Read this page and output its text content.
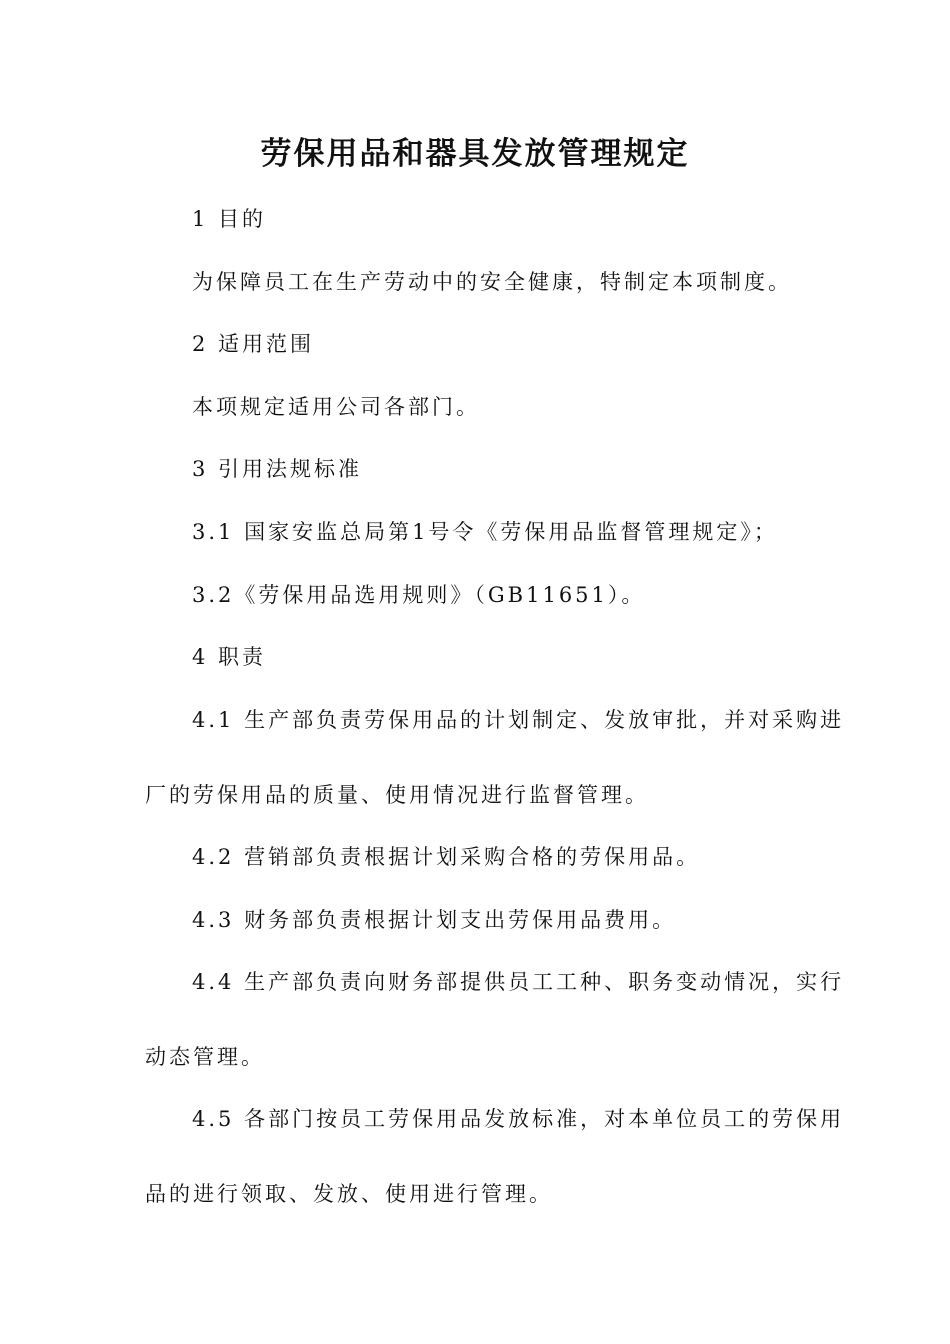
劳保用品和器具发放管理规定
1 目的
为保障员工在生产劳动中的安全健康，特制定本项制度。
2 适用范围
本项规定适用公司各部门。
3 引用法规标准
3.1 国家安监总局第1号令《劳保用品监督管理规定》；
3.2《劳保用品选用规则》（GB11651）。
4 职责
4.1 生产部负责劳保用品的计划制定、发放审批，并对采购进
厂的劳保用品的质量、使用情况进行监督管理。
4.2 营销部负责根据计划采购合格的劳保用品。
4.3 财务部负责根据计划支出劳保用品费用。
4.4 生产部负责向财务部提供员工工种、职务变动情况，实行
动态管理。
4.5 各部门按员工劳保用品发放标准，对本单位员工的劳保用
品的进行领取、发放、使用进行管理。
